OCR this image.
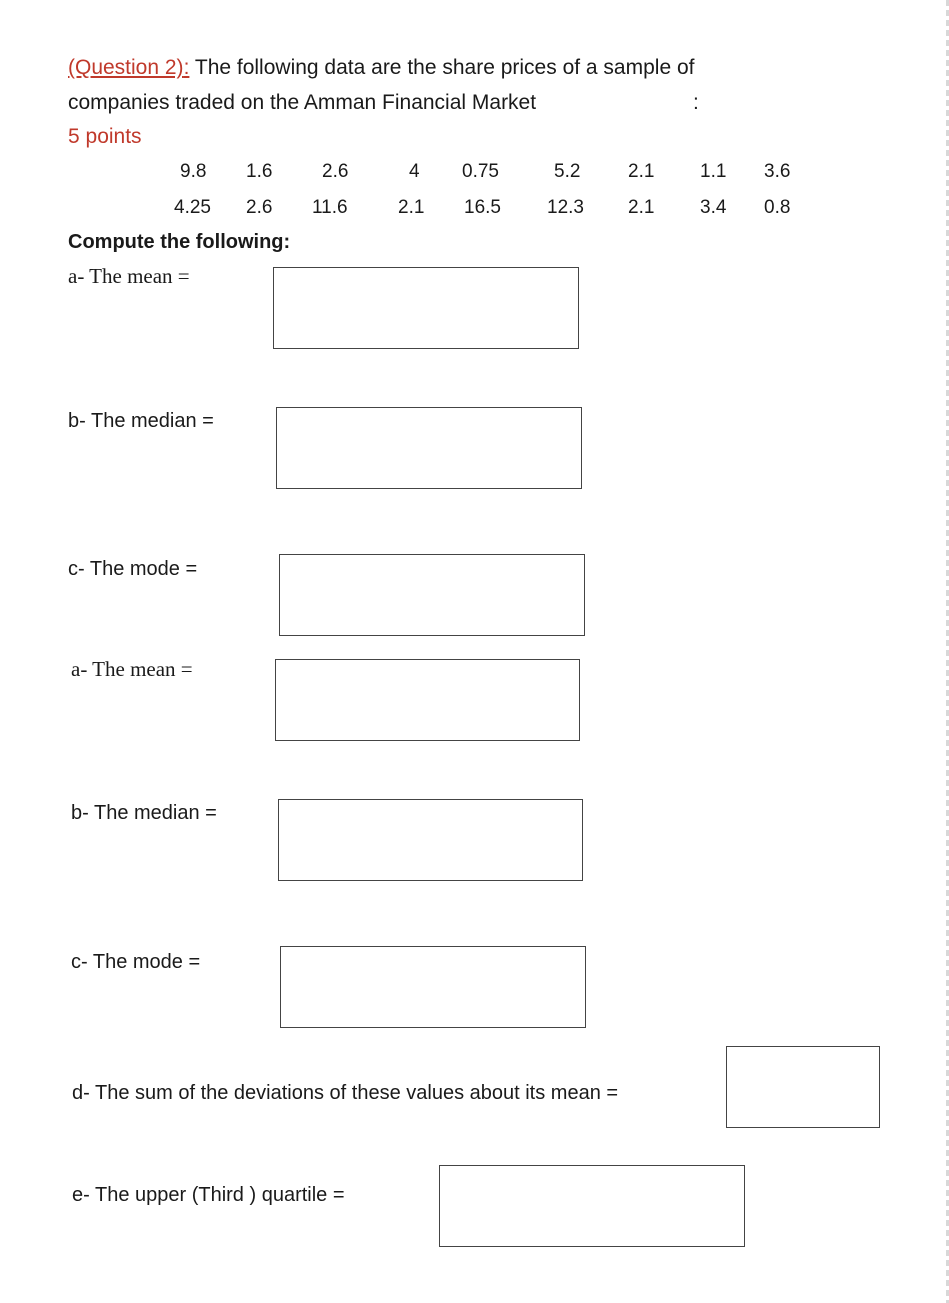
(Question 2): The following data are the share prices of a sample of
companies traded on the Amman Financial Market	:
5 points
9.8 1.6	2.6	4 0.75	5.2	2.1 1.1 3.6
4.25 2.6 11.6	2.1 16.5 12.3 2.1 3.4 0.8
Compute the following:
a- The mean =
b- The median =
c- The mode =
a- The mean =
b- The median =
c- The mode =
d- The sum of the deviations of these values about its mean =
e- The upper (Third ) quartile =
